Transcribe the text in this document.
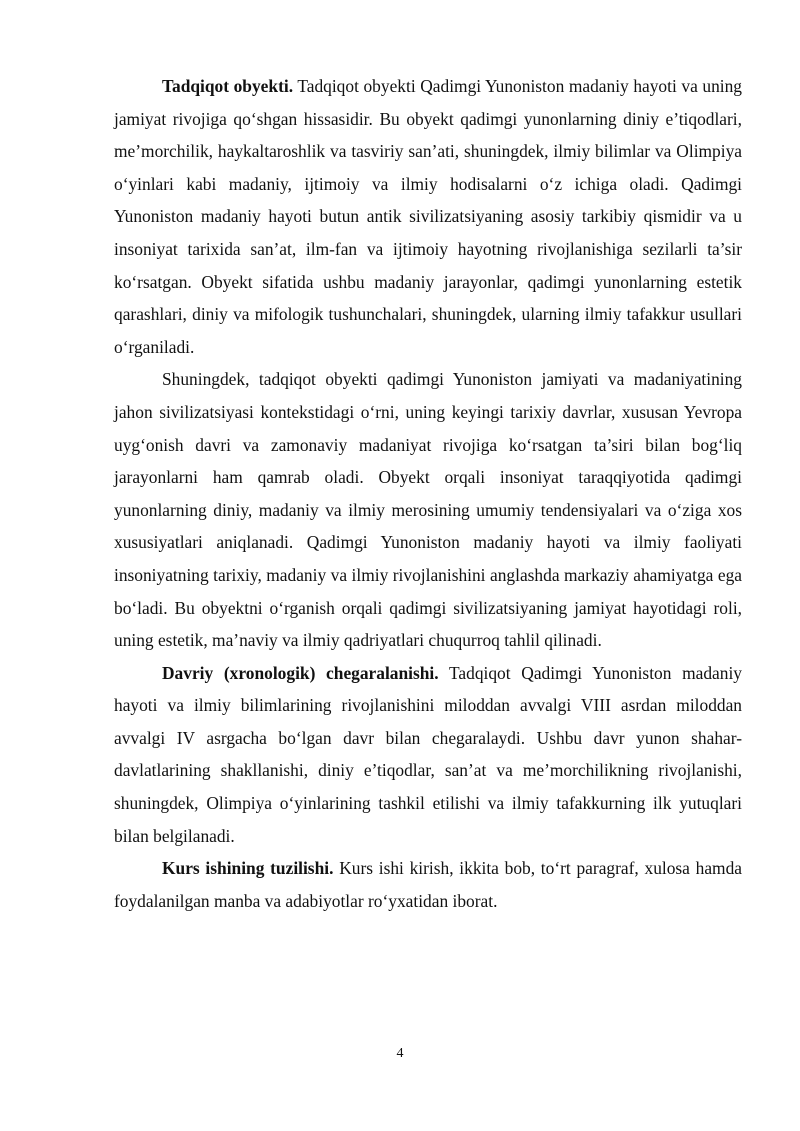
Tadqiqot obyekti. Tadqiqot obyekti Qadimgi Yunoniston madaniy hayoti va uning jamiyat rivojiga qo‘shgan hissasidir. Bu obyekt qadimgi yunonlarning diniy e’tiqodlari, me’morchilik, haykaltaroshlik va tasviriy san’ati, shuningdek, ilmiy bilimlar va Olimpiya o‘yinlari kabi madaniy, ijtimoiy va ilmiy hodisalarni o‘z ichiga oladi. Qadimgi Yunoniston madaniy hayoti butun antik sivilizatsiyaning asosiy tarkibiy qismidir va u insoniyat tarixida san’at, ilm-fan va ijtimoiy hayotning rivojlanishiga sezilarli ta’sir ko‘rsatgan. Obyekt sifatida ushbu madaniy jarayonlar, qadimgi yunonlarning estetik qarashlari, diniy va mifologik tushunchalari, shuningdek, ularning ilmiy tafakkur usullari o‘rganiladi.

Shuningdek, tadqiqot obyekti qadimgi Yunoniston jamiyati va madaniyatining jahon sivilizatsiyasi kontekstidagi o‘rni, uning keyingi tarixiy davrlar, xususan Yevropa uyg‘onish davri va zamonaviy madaniyat rivojiga ko‘rsatgan ta’siri bilan bog‘liq jarayonlarni ham qamrab oladi. Obyekt orqali insoniyat taraqqiyotida qadimgi yunonlarning diniy, madaniy va ilmiy merosining umumiy tendensiyalari va o‘ziga xos xususiyatlari aniqlanadi. Qadimgi Yunoniston madaniy hayoti va ilmiy faoliyati insoniyatning tarixiy, madaniy va ilmiy rivojlanishini anglashda markaziy ahamiyatga ega bo‘ladi. Bu obyektni o‘rganish orqali qadimgi sivilizatsiyaning jamiyat hayotidagi roli, uning estetik, ma’naviy va ilmiy qadriyatlari chuqurroq tahlil qilinadi.

Davriy (xronologik) chegaralanishi. Tadqiqot Qadimgi Yunoniston madaniy hayoti va ilmiy bilimlarining rivojlanishini miloddan avvalgi VIII asrdan miloddan avvalgi IV asrgacha bo‘lgan davr bilan chegaralaydi. Ushbu davr yunon shahar-davlatlarining shakllanishi, diniy e’tiqodlar, san’at va me’morchilikning rivojlanishi, shuningdek, Olimpiya o‘yinlarining tashkil etilishi va ilmiy tafakkurning ilk yutuqlari bilan belgilanadi.

Kurs ishining tuzilishi. Kurs ishi kirish, ikkita bob, to‘rt paragraf, xulosa hamda foydalanilgan manba va adabiyotlar ro‘yxatidan iborat.

4
